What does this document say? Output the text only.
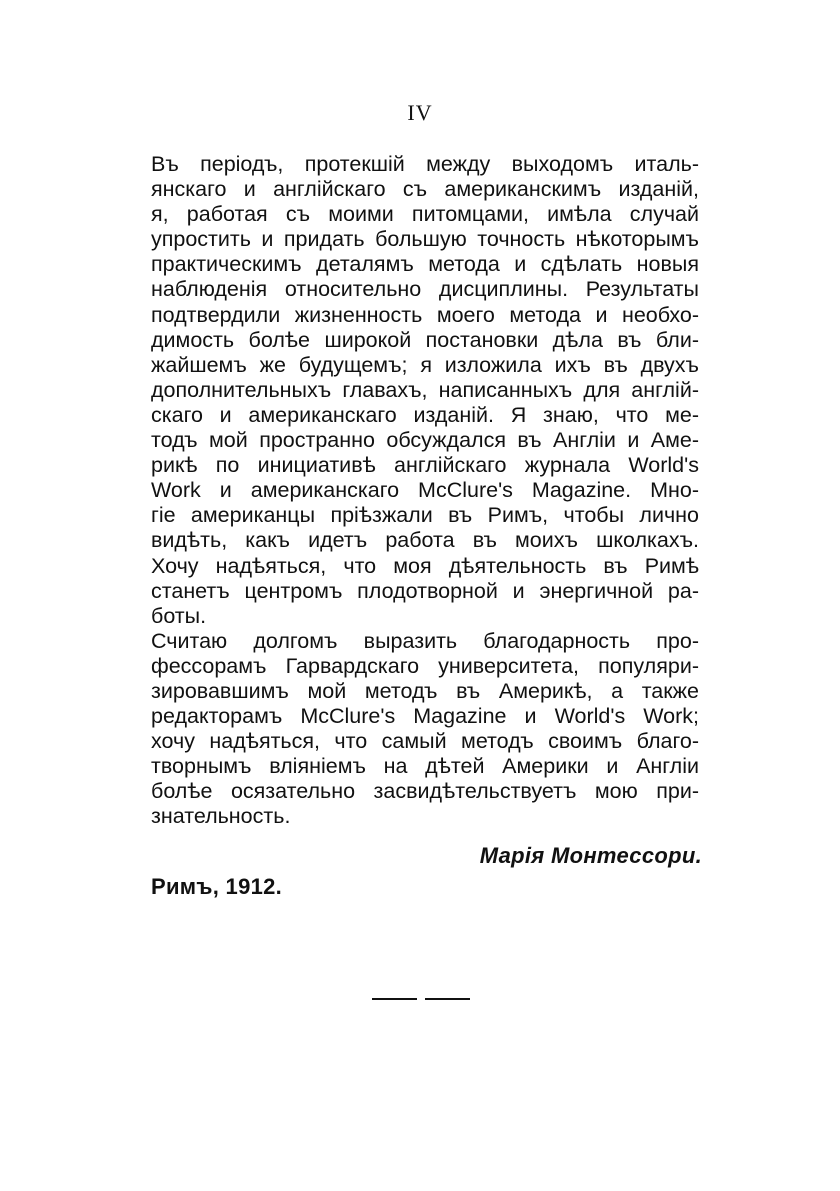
IV
Въ періодъ, протекшій между выходомъ италь-
янскаго и англійскаго съ американскимъ изданій,
я, работая съ моими питомцами, имѣла случай
упростить и придать большую точность нѣкоторымъ
практическимъ деталямъ метода и сдѣлать новыя
наблюденія относительно дисциплины. Результаты
подтвердили жизненность моего метода и необхо-
димость болѣе широкой постановки дѣла въ бли-
жайшемъ же будущемъ; я изложила ихъ въ двухъ
дополнительныхъ главахъ, написанныхъ для англій-
скаго и американскаго изданій. Я знаю, что ме-
тодъ мой пространно обсуждался въ Англіи и Аме-
рикѣ по инициативѣ англійскаго журнала World's
Work и американскаго McClure's Magazine. Мно-
гіе американцы пріѣзжали въ Римъ, чтобы лично
видѣть, какъ идетъ работа въ моихъ школкахъ.
Хочу надѣяться, что моя дѣятельность въ Римѣ
станетъ центромъ плодотворной и энергичной ра-
боты.
Считаю долгомъ выразить благодарность про-
фессорамъ Гарвардскаго университета, популяри-
зировавшимъ мой методъ въ Америкѣ, а также
редакторамъ McClure's Magazine и World's Work;
хочу надѣяться, что самый методъ своимъ благо-
творнымъ вліяніемъ на дѣтей Америки и Англіи
болѣе осязательно засвидѣтельствуетъ мою при-
знательность.
Марія Монтессори.
Римъ, 1912.
